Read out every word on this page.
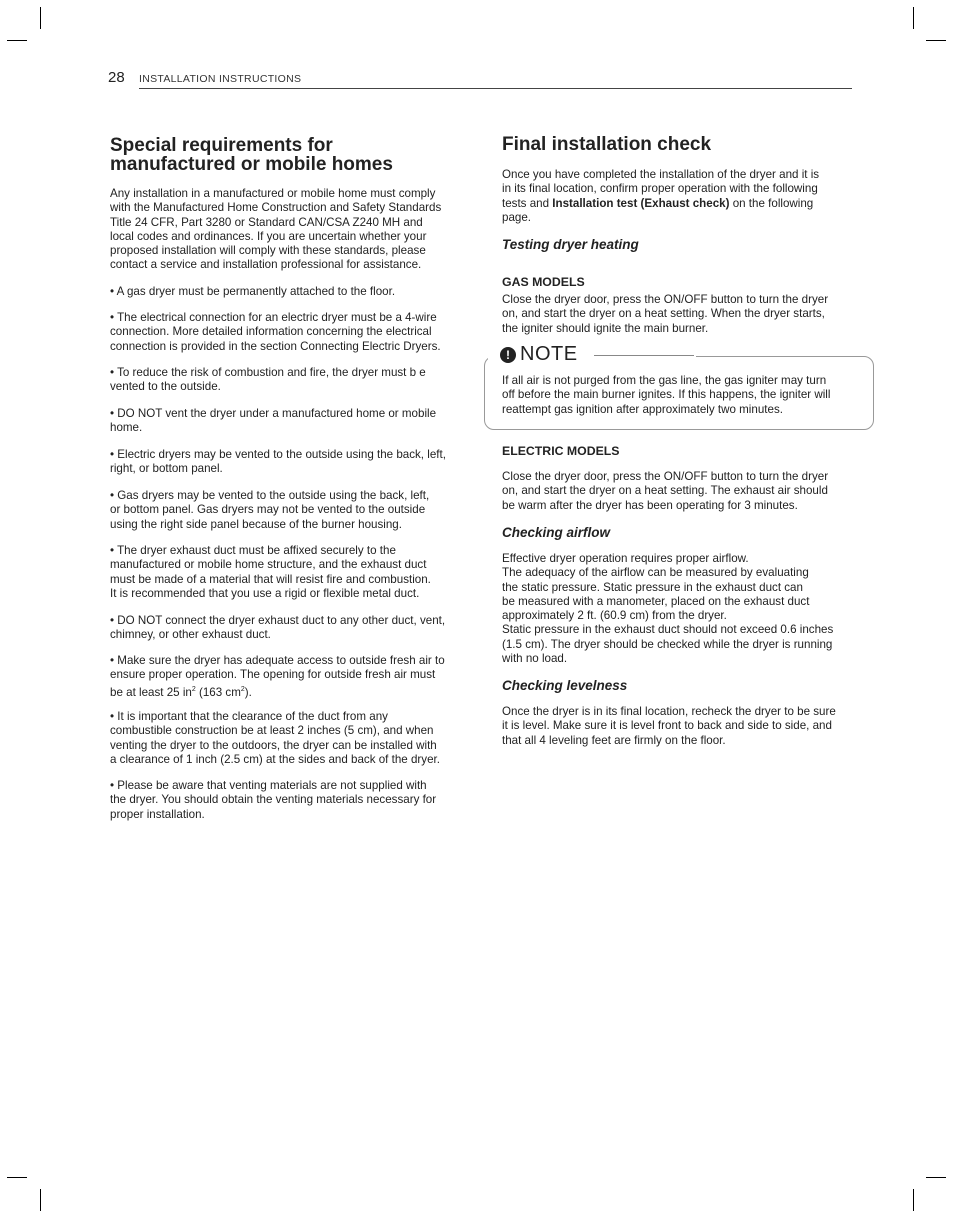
28 INSTALLATION INSTRUCTIONS
Special requirements for
manufactured or mobile homes
Any installation in a manufactured or mobile home must comply
with the Manufactured Home Construction and Safety Standards
Title 24 CFR, Part 3280 or Standard CAN/CSA Z240 MH and
local codes and ordinances. If you are uncertain whether your
proposed installation will comply with these standards, please
contact a service and installation professional for assistance.
• A gas dryer must be permanently attached to the floor.
• The electrical connection for an electric dryer must be a 4-wire
connection. More detailed information concerning the electrical
connection is provided in the section Connecting Electric Dryers.
• To reduce the risk of combustion and fire, the dryer must b e
vented to the outside.
• DO NOT vent the dryer under a manufactured home or mobile
home.
• Electric dryers may be vented to the outside using the back, left,
right, or bottom panel.
• Gas dryers may be vented to the outside using the back, left,
or bottom panel. Gas dryers may not be vented to the outside
using the right side panel because of the burner housing.
• The dryer exhaust duct must be affixed securely to the
manufactured or mobile home structure, and the exhaust duct
must be made of a material that will resist fire and combustion.
It is recommended that you use a rigid or flexible metal duct.
• DO NOT connect the dryer exhaust duct to any other duct, vent,
chimney, or other exhaust duct.
• Make sure the dryer has adequate access to outside fresh air to
ensure proper operation. The opening for outside fresh air must
be at least 25 $in^2$ (163 $cm^2$).
• It is important that the clearance of the duct from any
combustible construction be at least 2 inches (5 cm), and when
venting the dryer to the outdoors, the dryer can be installed with
a clearance of 1 inch (2.5 cm) at the sides and back of the dryer.
• Please be aware that venting materials are not supplied with
the dryer. You should obtain the venting materials necessary for
proper installation.
Final installation check
Once you have completed the installation of the dryer and it is
in its final location, confirm proper operation with the following
tests and Installation test (Exhaust check) on the following
page.
Testing dryer heating
GAS MODELS
Close the dryer door, press the ON/OFF button to turn the dryer
on, and start the dryer on a heat setting. When the dryer starts,
the igniter should ignite the main burner.
! NOTE
If all air is not purged from the gas line, the gas igniter may turn
off before the main burner ignites. If this happens, the igniter will
reattempt gas ignition after approximately two minutes.
ELECTRIC MODELS
Close the dryer door, press the ON/OFF button to turn the dryer
on, and start the dryer on a heat setting. The exhaust air should
be warm after the dryer has been operating for 3 minutes.
Checking airflow
Effective dryer operation requires proper airflow.
The adequacy of the airflow can be measured by evaluating
the static pressure. Static pressure in the exhaust duct can
be measured with a manometer, placed on the exhaust duct
approximately 2 ft. (60.9 cm) from the dryer.
Static pressure in the exhaust duct should not exceed 0.6 inches
(1.5 cm). The dryer should be checked while the dryer is running
with no load.
Checking levelness
Once the dryer is in its final location, recheck the dryer to be sure
it is level. Make sure it is level front to back and side to side, and
that all 4 leveling feet are firmly on the floor.
